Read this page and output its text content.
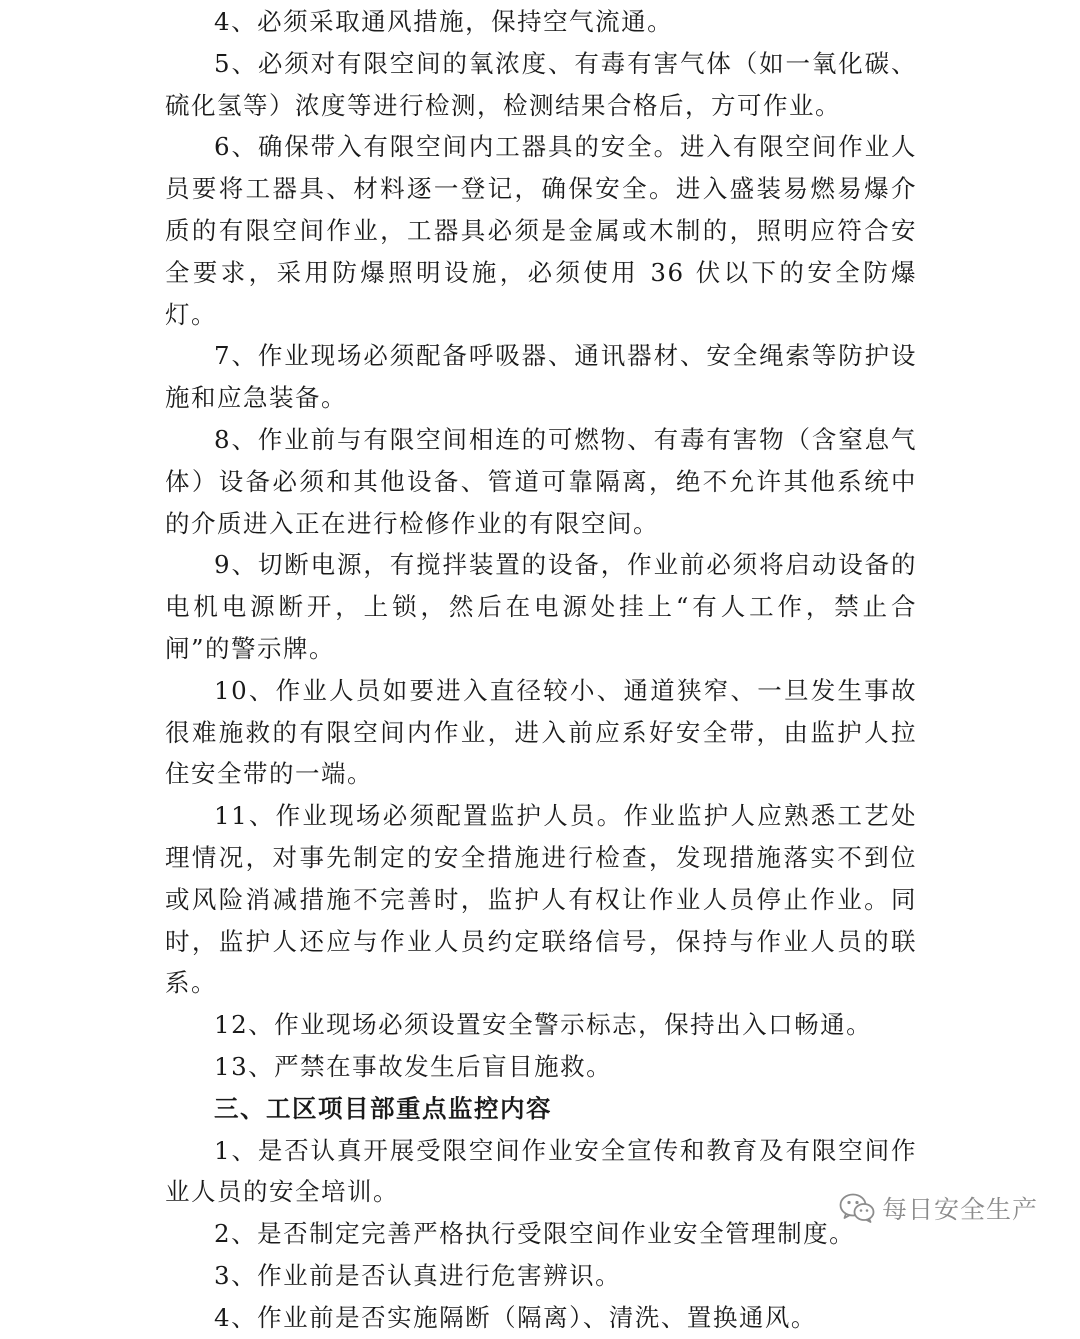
4、必须采取通风措施，保持空气流通。

5、必须对有限空间的氧浓度、有毒有害气体（如一氧化碳、硫化氢等）浓度等进行检测，检测结果合格后，方可作业。

6、确保带入有限空间内工器具的安全。进入有限空间作业人员要将工器具、材料逐一登记，确保安全。进入盛装易燃易爆介质的有限空间作业，工器具必须是金属或木制的，照明应符合安全要求，采用防爆照明设施，必须使用 36 伏以下的安全防爆灯。

7、作业现场必须配备呼吸器、通讯器材、安全绳索等防护设施和应急装备。

8、作业前与有限空间相连的可燃物、有毒有害物（含窒息气体）设备必须和其他设备、管道可靠隔离，绝不允许其他系统中的介质进入正在进行检修作业的有限空间。

9、切断电源，有搅拌装置的设备，作业前必须将启动设备的电机电源断开，上锁，然后在电源处挂上“有人工作，禁止合闸”的警示牌。

10、作业人员如要进入直径较小、通道狭窄、一旦发生事故很难施救的有限空间内作业，进入前应系好安全带，由监护人拉住安全带的一端。

11、作业现场必须配置监护人员。作业监护人应熟悉工艺处理情况，对事先制定的安全措施进行检查，发现措施落实不到位或风险消减措施不完善时，监护人有权让作业人员停止作业。同时，监护人还应与作业人员约定联络信号，保持与作业人员的联系。

12、作业现场必须设置安全警示标志，保持出入口畅通。

13、严禁在事故发生后盲目施救。

三、工区项目部重点监控内容

1、是否认真开展受限空间作业安全宣传和教育及有限空间作业人员的安全培训。

2、是否制定完善严格执行受限空间作业安全管理制度。

3、作业前是否认真进行危害辨识。

4、作业前是否实施隔断（隔离）、清洗、置换通风。

每日安全生产
